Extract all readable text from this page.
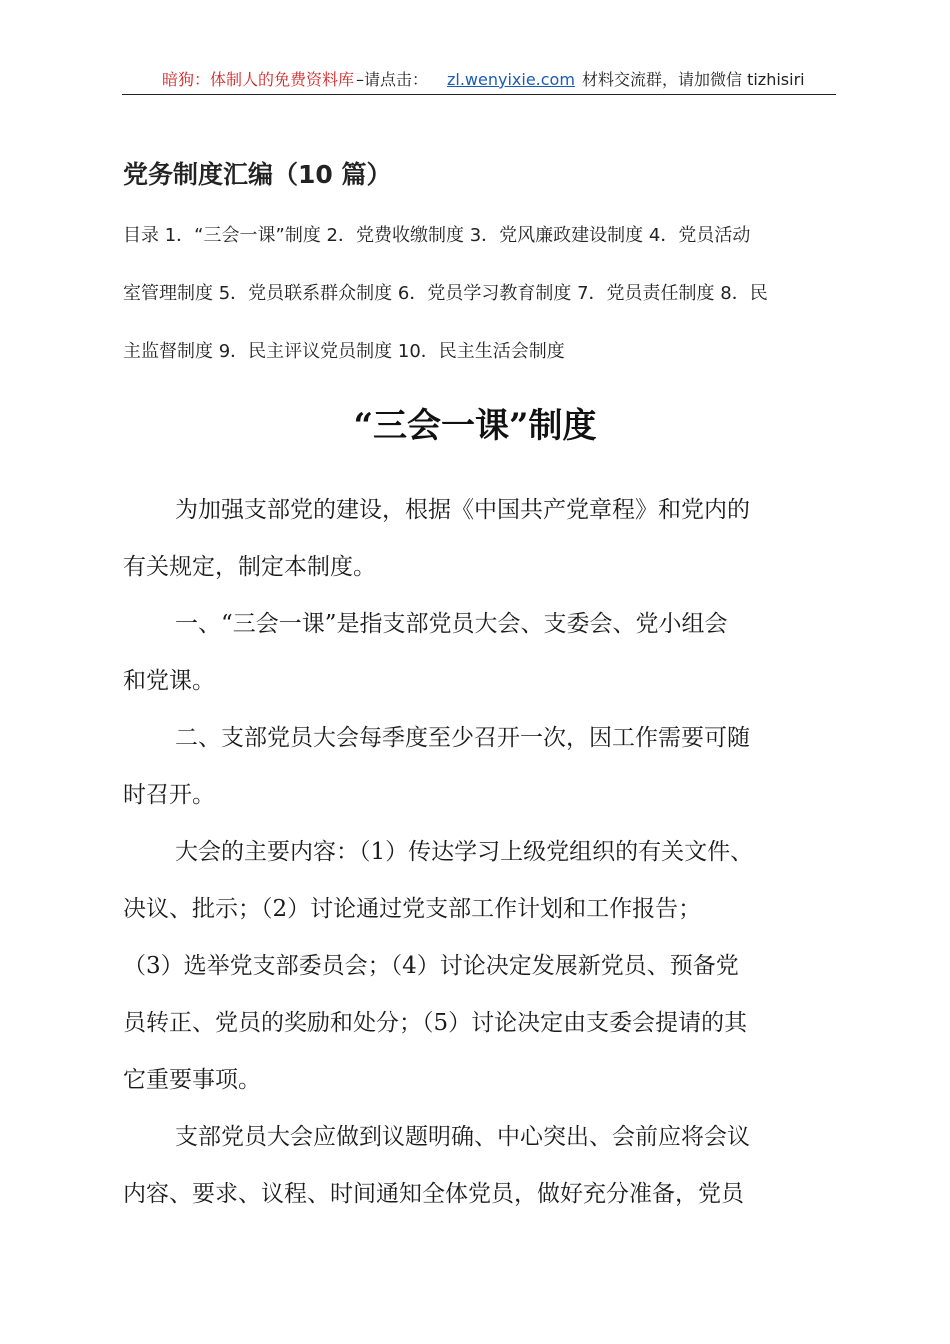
暗狗：体制人的免费资料库 –请点击： zl.wenyixie.com 材料交流群，请加微信 tizhisiri
党务制度汇编（10 篇）
目录 1．“三会一课”制度 2．党费收缴制度 3．党风廉政建设制度 4．党员活动
室管理制度 5．党员联系群众制度 6．党员学习教育制度 7．党员责任制度 8．民
主监督制度 9．民主评议党员制度 10．民主生活会制度
“三会一课”制度
为加强支部党的建设，根据《中国共产党章程》和党内的
有关规定，制定本制度。
一、“三会一课”是指支部党员大会、支委会、党小组会
和党课。
二、支部党员大会每季度至少召开一次，因工作需要可随
时召开。
大会的主要内容：（1）传达学习上级党组织的有关文件、
决议、批示；（2）讨论通过党支部工作计划和工作报告；
（3）选举党支部委员会；（4）讨论决定发展新党员、预备党
员转正、党员的奖励和处分；（5）讨论决定由支委会提请的其
它重要事项。
支部党员大会应做到议题明确、中心突出、会前应将会议
内容、要求、议程、时间通知全体党员，做好充分准备，党员
